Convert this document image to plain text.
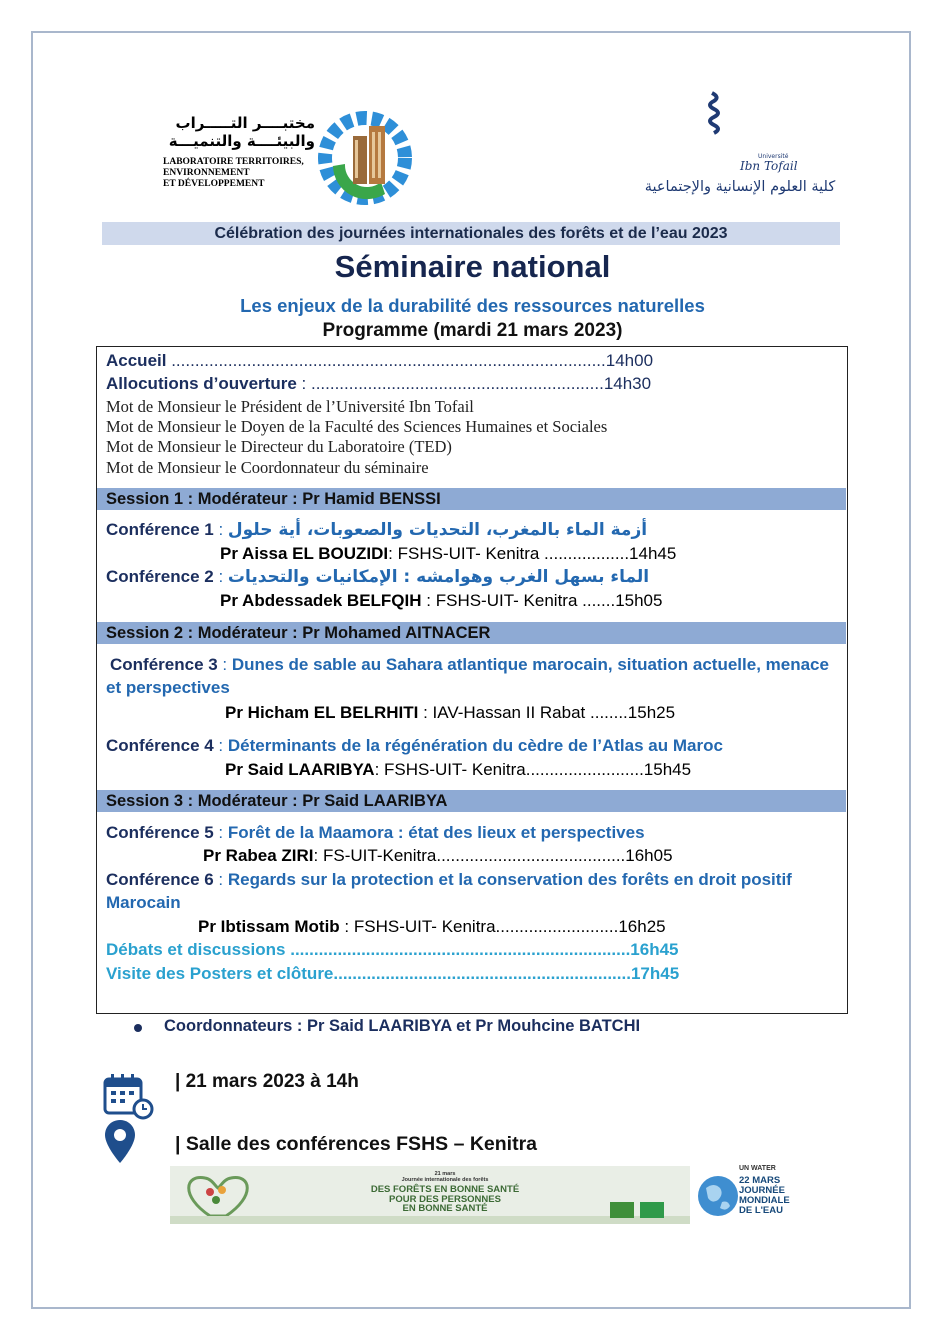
مختبــــر التـــــراب
والبيئــــة والتنميـــة
LABORATOIRE TERRITOIRES,
ENVIRONNEMENT
ET DÉVELOPPEMENT
Université
Ibn Tofail
كلية العلوم الإنسانية والإجتماعية
Célébration des journées internationales des forêts et de l’eau 2023
Séminaire national
Les enjeux de la durabilité des ressources naturelles
Programme (mardi 21 mars 2023)
Accueil ............................................................................................14h00
Allocutions d’ouverture : ..............................................................14h30
Mot de Monsieur le Président de l’Université Ibn Tofail
Mot de Monsieur le Doyen de la Faculté des Sciences Humaines et Sociales
Mot de Monsieur le Directeur du Laboratoire (TED)
Mot de Monsieur le Coordonnateur du séminaire
Session 1 : Modérateur : Pr Hamid BENSSI
Conférence 1 : أزمة الماء بالمغرب، التحديات والصعوبات، أية حلول
Pr Aissa EL BOUZIDI: FSHS-UIT- Kenitra ..................14h45
Conférence 2 : الماء بسهل الغرب وهوامشه : الإمكانيات والتحديات
Pr Abdessadek BELFQIH : FSHS-UIT- Kenitra .......15h05
Session 2 : Modérateur : Pr Mohamed AITNACER
Conférence 3 : Dunes de sable au Sahara atlantique marocain, situation actuelle, menace
et perspectives
Pr Hicham EL BELRHITI : IAV-Hassan II Rabat ........15h25
Conférence 4 : Déterminants de la régénération du cèdre de l’Atlas au Maroc
Pr Said LAARIBYA: FSHS-UIT- Kenitra.........................15h45
Session 3 : Modérateur : Pr Said LAARIBYA
Conférence 5 : Forêt de la Maamora : état des lieux et perspectives
Pr Rabea ZIRI: FS-UIT-Kenitra........................................16h05
Conférence 6 : Regards sur la protection et la conservation des forêts en droit positif
Marocain
Pr Ibtissam Motib : FSHS-UIT- Kenitra..........................16h25
Débats et discussions ........................................................................16h45
Visite des Posters et clôture...............................................................17h45
Coordonnateurs : Pr Said LAARIBYA et Pr Mouhcine BATCHI
| 21 mars 2023 à 14h
| Salle des conférences FSHS – Kenitra
21 mars
Journée internationale des forêts
DES FORÊTS EN BONNE SANTÉ
POUR DES PERSONNES
EN BONNE SANTÉ
UN WATER
22 MARS
JOURNÉE
MONDIALE
DE L'EAU
